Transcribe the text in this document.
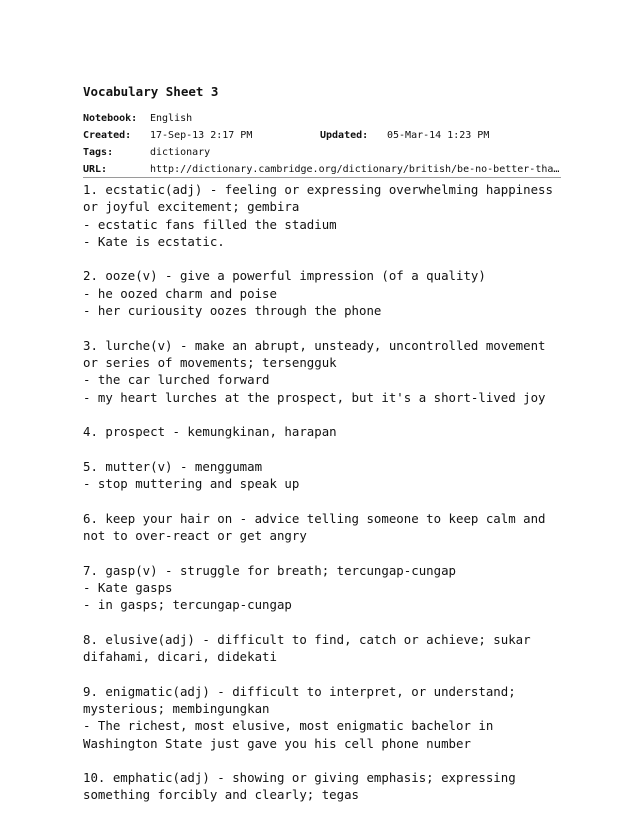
Vocabulary Sheet 3
Notebook: English
Created: 17-Sep-13 2:17 PM	Updated: 05-Mar-14 1:23 PM
Tags:	dictionary
URL:	http://dictionary.cambridge.org/dictionary/british/be-no-better-tha…
1. ecstatic(adj) - feeling or expressing overwhelming happiness
or joyful excitement; gembira
- ecstatic fans filled the stadium
- Kate is ecstatic.
2. ooze(v) - give a powerful impression (of a quality)
- he oozed charm and poise
- her curiousity oozes through the phone
3. lurche(v) - make an abrupt, unsteady, uncontrolled movement
or series of movements; tersengguk
- the car lurched forward
- my heart lurches at the prospect, but it's a short-lived joy
4. prospect - kemungkinan, harapan
5. mutter(v) - menggumam
- stop muttering and speak up
6. keep your hair on - advice telling someone to keep calm and
not to over-react or get angry
7. gasp(v) - struggle for breath; tercungap-cungap
- Kate gasps
- in gasps; tercungap-cungap
8. elusive(adj) - difficult to find, catch or achieve; sukar
difahami, dicari, didekati
9. enigmatic(adj) - difficult to interpret, or understand;
mysterious; membingungkan
- The richest, most elusive, most enigmatic bachelor in
Washington State just gave you his cell phone number
10. emphatic(adj) - showing or giving emphasis; expressing
something forcibly and clearly; tegas
